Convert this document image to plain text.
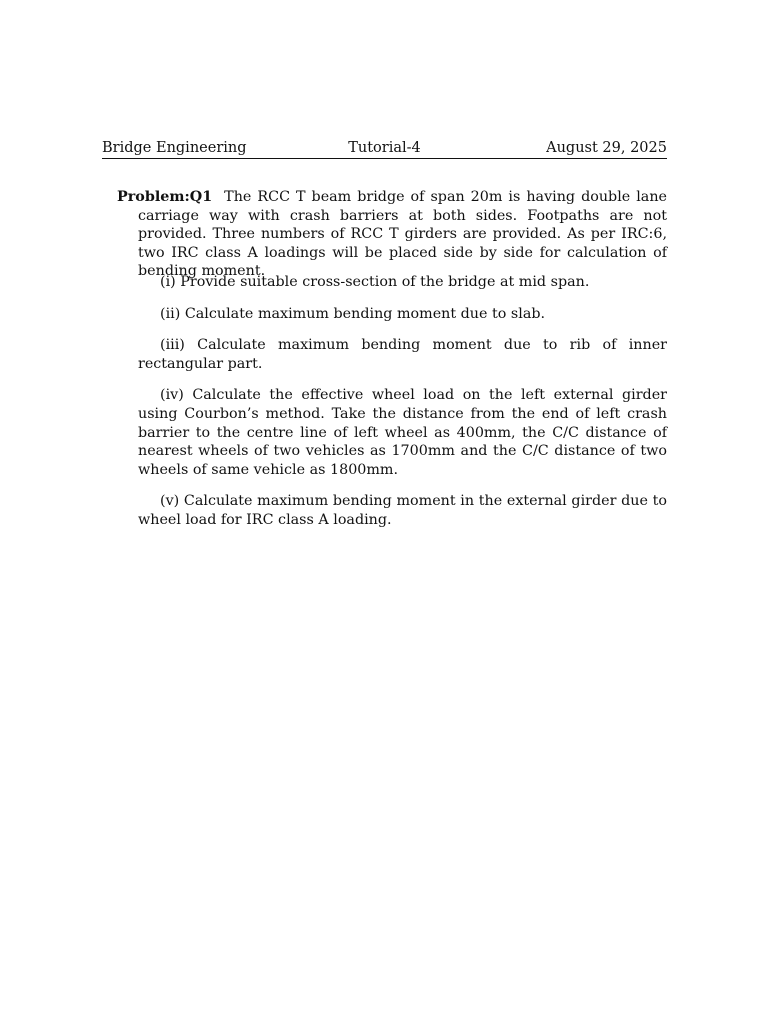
Bridge Engineering	Tutorial-4	August 29, 2025
Problem:Q1 The RCC T beam bridge of span 20m is having double lane carriage way with crash barriers at both sides. Footpaths are not provided. Three numbers of RCC T girders are provided. As per IRC:6, two IRC class A loadings will be placed side by side for calculation of bending moment.

(i) Provide suitable cross-section of the bridge at mid span.

(ii) Calculate maximum bending moment due to slab.

(iii) Calculate maximum bending moment due to rib of inner rectangular part.

(iv) Calculate the effective wheel load on the left external girder using Courbon’s method. Take the distance from the end of left crash barrier to the centre line of left wheel as 400mm, the C/C distance of nearest wheels of two vehicles as 1700mm and the C/C distance of two wheels of same vehicle as 1800mm.

(v) Calculate maximum bending moment in the external girder due to wheel load for IRC class A loading.
